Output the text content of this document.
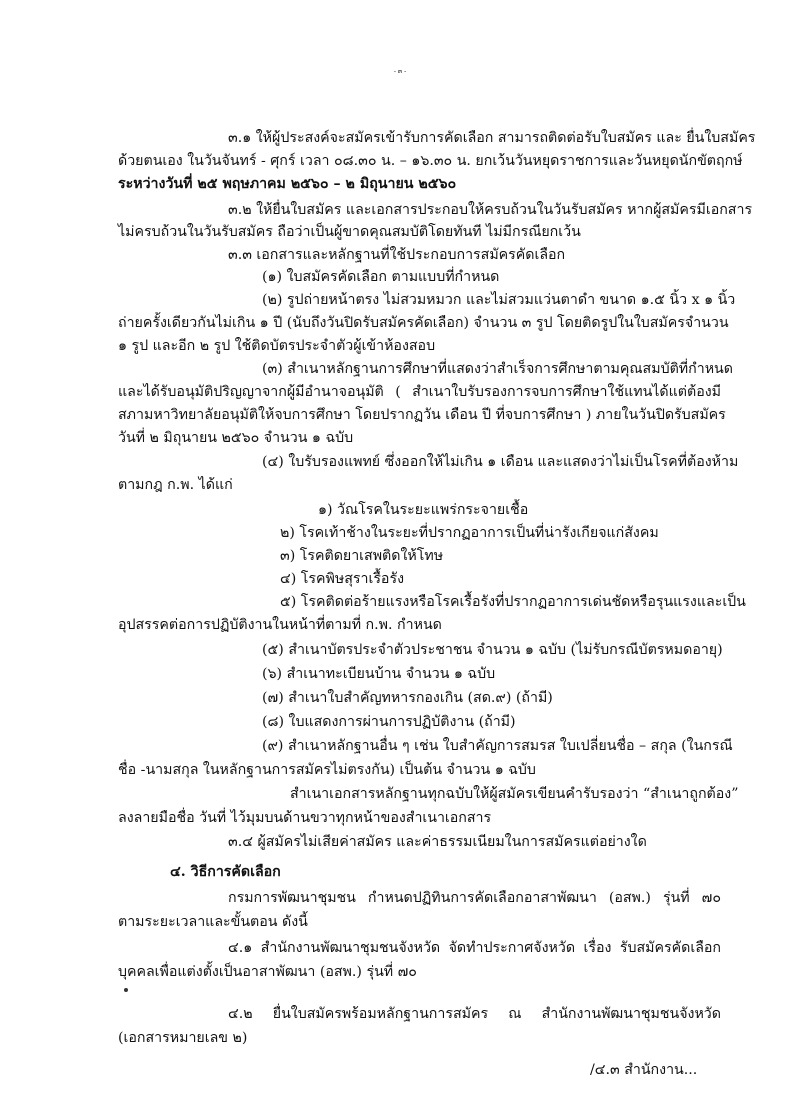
- ๓ -
๓.๑ ให้ผู้ประสงค์จะสมัครเข้ารับการคัดเลือก สามารถติดต่อรับใบสมัคร และ ยื่นใบสมัคร
ด้วยตนเอง ในวันจันทร์ - ศุกร์ เวลา ๐๘.๓๐ น. – ๑๖.๓๐ น. ยกเว้นวันหยุดราชการและวันหยุดนักขัตฤกษ์
ระหว่างวันที่ ๒๕ พฤษภาคม ๒๕๖๐ – ๒ มิถุนายน ๒๕๖๐
๓.๒ ให้ยื่นใบสมัคร และเอกสารประกอบให้ครบถ้วนในวันรับสมัคร หากผู้สมัครมีเอกสาร
ไม่ครบถ้วนในวันรับสมัคร ถือว่าเป็นผู้ขาดคุณสมบัติโดยทันที ไม่มีกรณียกเว้น
๓.๓ เอกสารและหลักฐานที่ใช้ประกอบการสมัครคัดเลือก
(๑) ใบสมัครคัดเลือก ตามแบบที่กำหนด
(๒) รูปถ่ายหน้าตรง ไม่สวมหมวก และไม่สวมแว่นตาดำ ขนาด ๑.๕ นิ้ว x ๑ นิ้ว
ถ่ายครั้งเดียวกันไม่เกิน ๑ ปี (นับถึงวันปิดรับสมัครคัดเลือก) จำนวน ๓ รูป โดยติดรูปในใบสมัครจำนวน
๑ รูป และอีก ๒ รูป ใช้ติดบัตรประจำตัวผู้เข้าห้องสอบ
(๓) สำเนาหลักฐานการศึกษาที่แสดงว่าสำเร็จการศึกษาตามคุณสมบัติที่กำหนด
และได้รับอนุมัติปริญญาจากผู้มีอำนาจอนุมัติ ( สำเนาใบรับรองการจบการศึกษาใช้แทนได้แต่ต้องมี
สภามหาวิทยาลัยอนุมัติให้จบการศึกษา โดยปรากฏวัน เดือน ปี ที่จบการศึกษา ) ภายในวันปิดรับสมัคร
วันที่ ๒ มิถุนายน ๒๕๖๐ จำนวน ๑ ฉบับ
(๔) ใบรับรองแพทย์ ซึ่งออกให้ไม่เกิน ๑ เดือน และแสดงว่าไม่เป็นโรคที่ต้องห้าม
ตามกฎ ก.พ. ได้แก่
๑) วัณโรคในระยะแพร่กระจายเชื้อ
๒) โรคเท้าช้างในระยะที่ปรากฏอาการเป็นที่น่ารังเกียจแก่สังคม
๓) โรคติดยาเสพติดให้โทษ
๔) โรคพิษสุราเรื้อรัง
๕) โรคติดต่อร้ายแรงหรือโรคเรื้อรังที่ปรากฏอาการเด่นชัดหรือรุนแรงและเป็น
อุปสรรคต่อการปฏิบัติงานในหน้าที่ตามที่ ก.พ. กำหนด
(๕) สำเนาบัตรประจำตัวประชาชน จำนวน ๑ ฉบับ (ไม่รับกรณีบัตรหมดอายุ)
(๖) สำเนาทะเบียนบ้าน จำนวน ๑ ฉบับ
(๗) สำเนาใบสำคัญทหารกองเกิน (สด.๙) (ถ้ามี)
(๘) ใบแสดงการผ่านการปฏิบัติงาน (ถ้ามี)
(๙) สำเนาหลักฐานอื่น ๆ เช่น ใบสำคัญการสมรส ใบเปลี่ยนชื่อ – สกุล (ในกรณี
ชื่อ -นามสกุล ในหลักฐานการสมัครไม่ตรงกัน) เป็นต้น จำนวน ๑ ฉบับ
สำเนาเอกสารหลักฐานทุกฉบับให้ผู้สมัครเขียนคำรับรองว่า “สำเนาถูกต้อง”
ลงลายมือชื่อ วันที่ ไว้มุมบนด้านขวาทุกหน้าของสำเนาเอกสาร
๓.๔ ผู้สมัครไม่เสียค่าสมัคร และค่าธรรมเนียมในการสมัครแต่อย่างใด
๔. วิธีการคัดเลือก
กรมการพัฒนาชุมชน กำหนดปฏิทินการคัดเลือกอาสาพัฒนา (อสพ.) รุ่นที่ ๗๐
ตามระยะเวลาและขั้นตอน ดังนี้
๔.๑ สำนักงานพัฒนาชุมชนจังหวัด จัดทำประกาศจังหวัด เรื่อง รับสมัครคัดเลือก
บุคคลเพื่อแต่งตั้งเป็นอาสาพัฒนา (อสพ.) รุ่นที่ ๗๐
๔.๒ ยื่นใบสมัครพร้อมหลักฐานการสมัคร ณ สำนักงานพัฒนาชุมชนจังหวัด
(เอกสารหมายเลข ๒)
/๔.๓ สำนักงาน...
